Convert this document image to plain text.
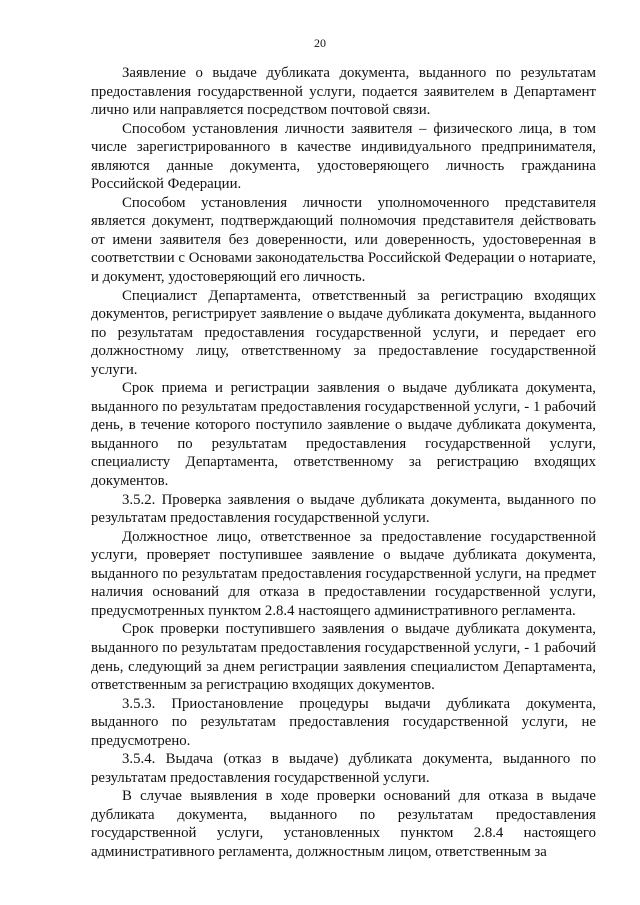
20

Заявление о выдаче дубликата документа, выданного по результатам предоставления государственной услуги, подается заявителем в Департамент лично или направляется посредством почтовой связи.

Способом установления личности заявителя – физического лица, в том числе зарегистрированного в качестве индивидуального предпринимателя, являются данные документа, удостоверяющего личность гражданина Российской Федерации.

Способом установления личности уполномоченного представителя является документ, подтверждающий полномочия представителя действовать от имени заявителя без доверенности, или доверенность, удостоверенная в соответствии с Основами законодательства Российской Федерации о нотариате, и документ, удостоверяющий его личность.

Специалист Департамента, ответственный за регистрацию входящих документов, регистрирует заявление о выдаче дубликата документа, выданного по результатам предоставления государственной услуги, и передает его должностному лицу, ответственному за предоставление государственной услуги.

Срок приема и регистрации заявления о выдаче дубликата документа, выданного по результатам предоставления государственной услуги, - 1 рабочий день, в течение которого поступило заявление о выдаче дубликата документа, выданного по результатам предоставления государственной услуги, специалисту Департамента, ответственному за регистрацию входящих документов.

3.5.2. Проверка заявления о выдаче дубликата документа, выданного по результатам предоставления государственной услуги.

Должностное лицо, ответственное за предоставление государственной услуги, проверяет поступившее заявление о выдаче дубликата документа, выданного по результатам предоставления государственной услуги, на предмет наличия оснований для отказа в предоставлении государственной услуги, предусмотренных пунктом 2.8.4 настоящего административного регламента.

Срок проверки поступившего заявления о выдаче дубликата документа, выданного по результатам предоставления государственной услуги, - 1 рабочий день, следующий за днем регистрации заявления специалистом Департамента, ответственным за регистрацию входящих документов.

3.5.3. Приостановление процедуры выдачи дубликата документа, выданного по результатам предоставления государственной услуги, не предусмотрено.

3.5.4. Выдача (отказ в выдаче) дубликата документа, выданного по результатам предоставления государственной услуги.

В случае выявления в ходе проверки оснований для отказа в выдаче дубликата документа, выданного по результатам предоставления государственной услуги, установленных пунктом 2.8.4 настоящего административного регламента, должностным лицом, ответственным за
